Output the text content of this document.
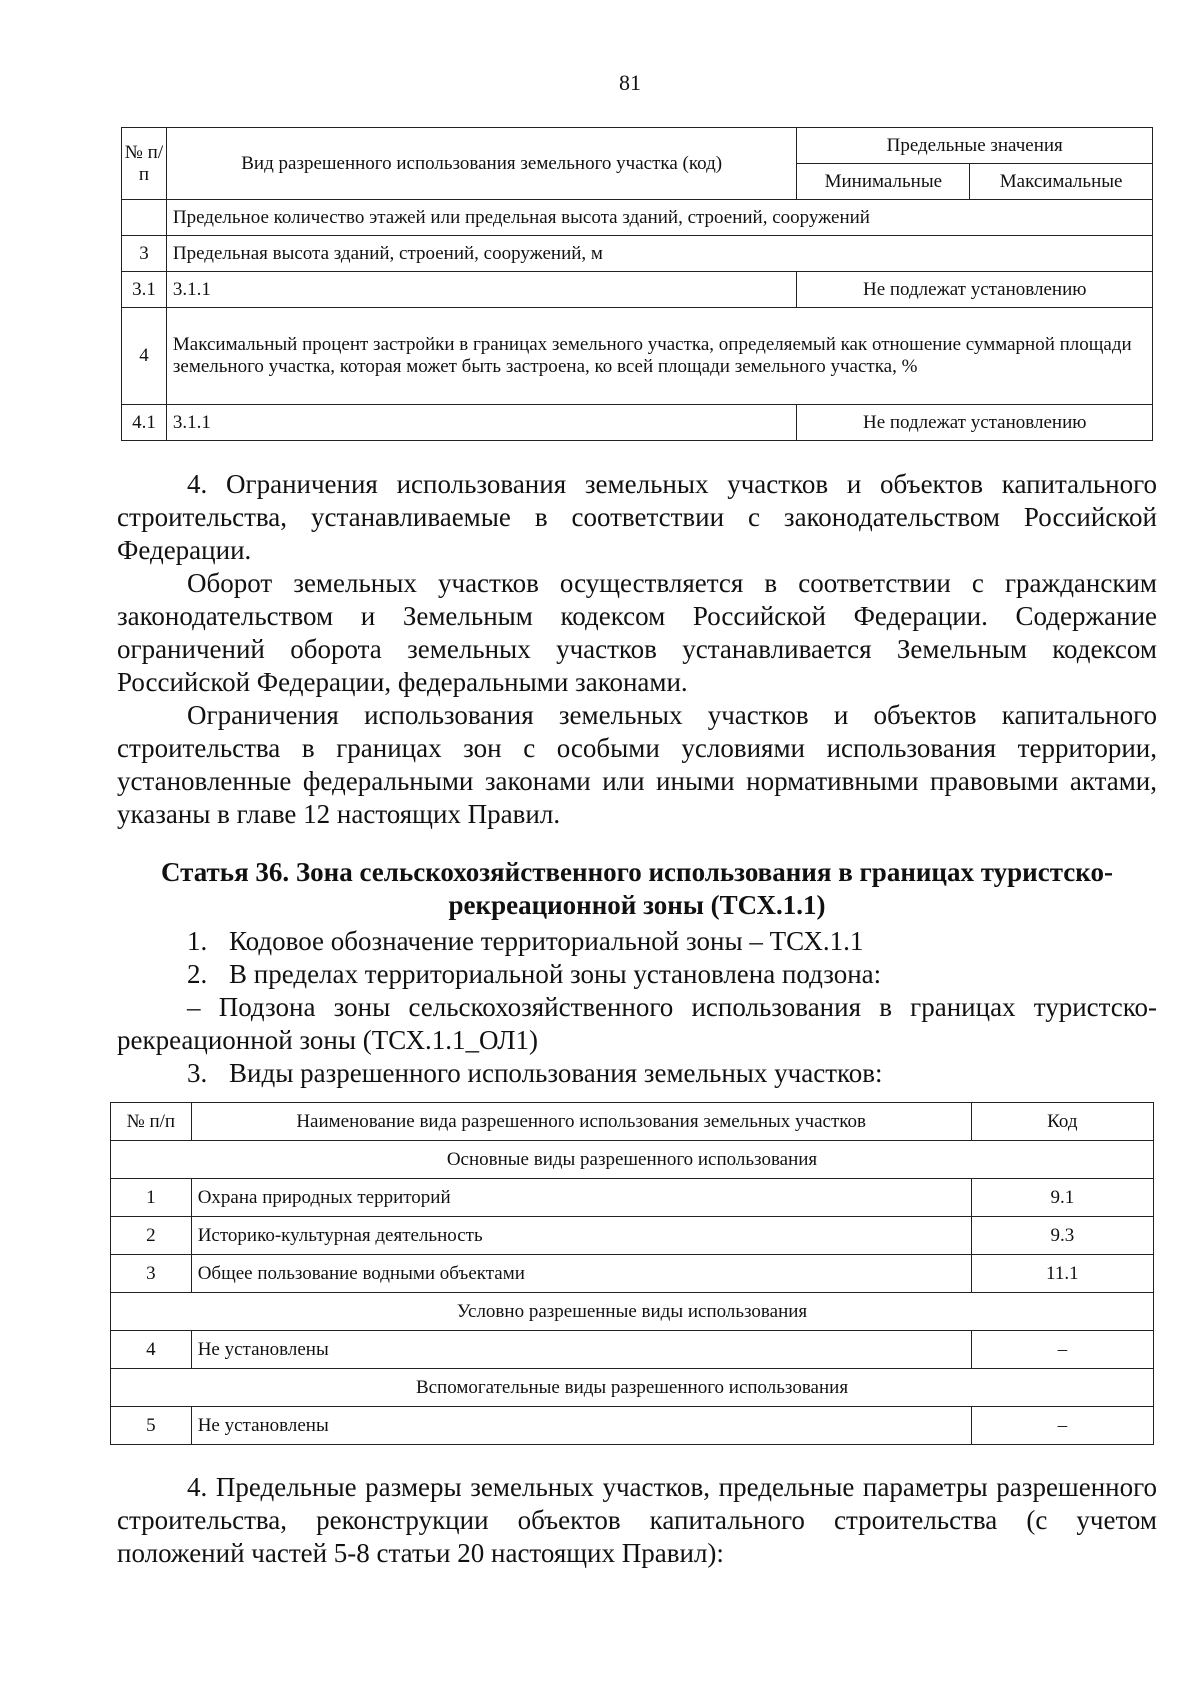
81
№ п/п	Вид разрешенного использования земельного участка (код)	Предельные значения	
		Минимальные	Максимальные
	Предельное количество этажей или предельная высота зданий, строений, сооружений		
3	Предельная высота зданий, строений, сооружений, м		
3.1	3.1.1	Не подлежат установлению	
4	Максимальный процент застройки в границах земельного участка, определяемый как отношение суммарной площади земельного участка, которая может быть застроена, ко всей площади земельного участка, %		
4.1	3.1.1	Не подлежат установлению	

4. Ограничения использования земельных участков и объектов капитального строительства, устанавливаемые в соответствии с законодательством Российской Федерации.

Оборот земельных участков осуществляется в соответствии с гражданским законодательством и Земельным кодексом Российской Федерации. Содержание ограничений оборота земельных участков устанавливается Земельным кодексом Российской Федерации, федеральными законами.

Ограничения использования земельных участков и объектов капитального строительства в границах зон с особыми условиями использования территории, установленные федеральными законами или иными нормативными правовыми актами, указаны в главе 12 настоящих Правил.

Статья 36. Зона сельскохозяйственного использования в границах туристско-
рекреационной зоны (ТСХ.1.1)

1. Кодовое обозначение территориальной зоны – ТСХ.1.1

2. В пределах территориальной зоны установлена подзона:

– Подзона зоны сельскохозяйственного использования в границах туристско-рекреационной зоны (ТСХ.1.1_ОЛ1)

3. Виды разрешенного использования земельных участков:

№ п/п	Наименование вида разрешенного использования земельных участков	Код
Основные виды разрешенного использования		
1	Охрана природных территорий	9.1
2	Историко-культурная деятельность	9.3
3	Общее пользование водными объектами	11.1
Условно разрешенные виды использования		
4	Не установлены	–
Вспомогательные виды разрешенного использования		
5	Не установлены	–

4. Предельные размеры земельных участков, предельные параметры разрешенного строительства, реконструкции объектов капитального строительства (с учетом положений частей 5-8 статьи 20 настоящих Правил):
